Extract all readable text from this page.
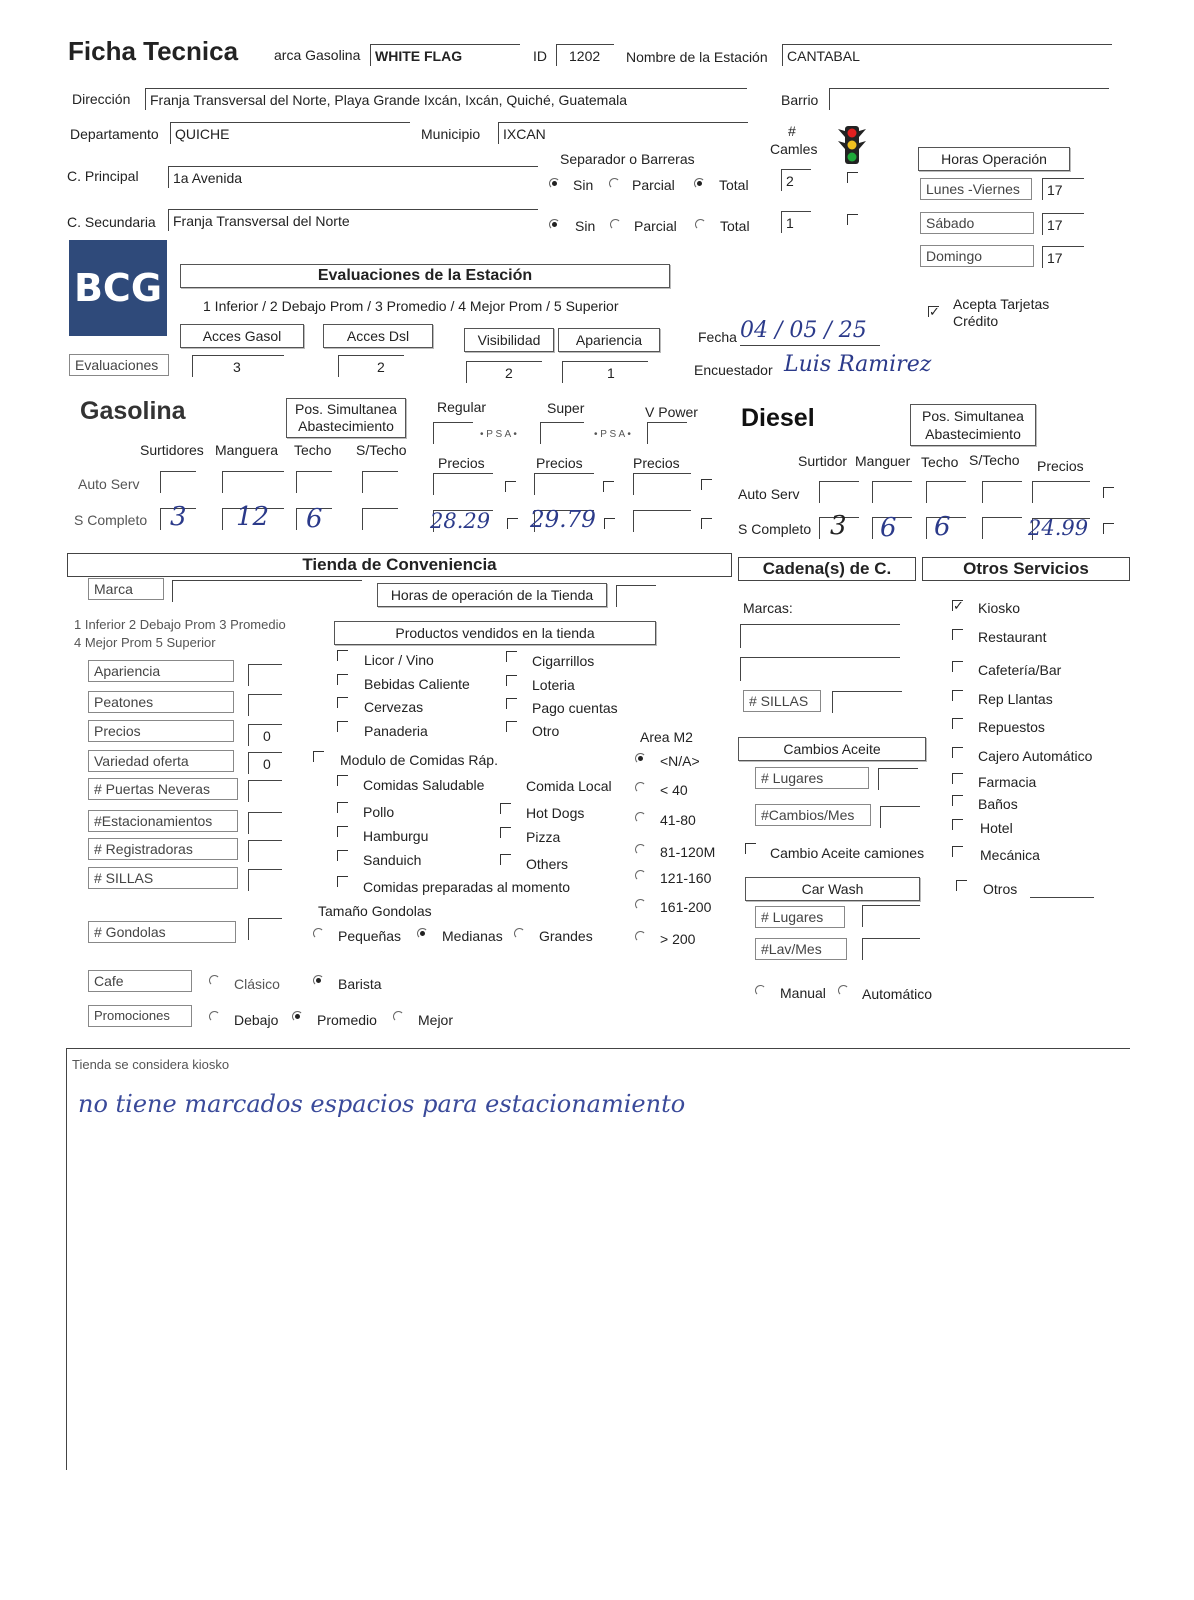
Ficha Tecnica	arca Gasolina	WHITE FLAG	ID	1202	Nombre de la Estación	CANTABAL
Dirección	Franja Transversal del Norte, Playa Grande Ixcán, Ixcán, Quiché, Guatemala	Barrio
Departamento	QUICHE	Municipio	IXCAN
C. Principal	1a Avenida
C. Secundaria	Franja Transversal del Norte
Separador o Barreras
Sin	Parcial	Total
Sin	Parcial	Total
#
Camles
2
1
Horas Operación
Lunes -Viernes	17
Sábado	17
Domingo	17
✓ Acepta Tarjetas Crédito
BCG	Evaluaciones de la Estación
1 Inferior / 2 Debajo Prom / 3 Promedio / 4 Mejor Prom / 5 Superior
Acces Gasol	Acces Dsl	Visibilidad	Apariencia
Evaluaciones	3	2	2	1
Fecha 04 / 05 / 25
Encuestador Luis Ramirez
Gasolina	Pos. Simultanea Abastecimiento
Regular	Super	V Power
• P S A •	• P S A •
Surtidores Manguera Techo S/Techo
Precios	Precios	Precios
Auto Serv
S Completo 3 12 6	28.29 29.79
Diesel	Pos. Simultanea Abastecimiento
Surtidor Manguer Techo S/Techo Precios
Auto Serv
S Completo 3 6 6	24.99
Tienda de Conveniencia	Cadena(s) de C.	Otros Servicios
Marca	Horas de operación de la Tienda
1 Inferior 2 Debajo Prom 3 Promedio
4 Mejor Prom 5 Superior
Apariencia
Peatones
Precios	0
Variedad oferta	0
# Puertas Neveras
#Estacionamientos
# Registradoras
# SILLAS
# Gondolas
Productos vendidos en la tienda
Licor / Vino
Bebidas Caliente
Cervezas
Panaderia
Cigarrillos
Loteria
Pago cuentas
Otro
Modulo de Comidas Ráp.
Comida Local
Comidas Saludable
Pollo
Hamburgu
Sanduich
Hot Dogs
Pizza
Others
Comidas preparadas al momento
Area M2
<N/A>
< 40
41-80
81-120M
121-160
161-200
> 200
Tamaño Gondolas
Pequeñas	Medianas	Grandes
Cafe	Clásico	Barista
Promociones	Debajo	Promedio	Mejor
Marcas:
# SILLAS
Cambios Aceite
# Lugares
#Cambios/Mes
Cambio Aceite camiones
Car Wash
# Lugares
#Lav/Mes
Manual	Automático
✓ Kiosko
Restaurant
Cafetería/Bar
Rep Llantas
Repuestos
Cajero Automático
Farmacia
Baños
Hotel
Mecánica
Otros
Tienda se considera kiosko
no tiene marcados espacios para estacionamiento
